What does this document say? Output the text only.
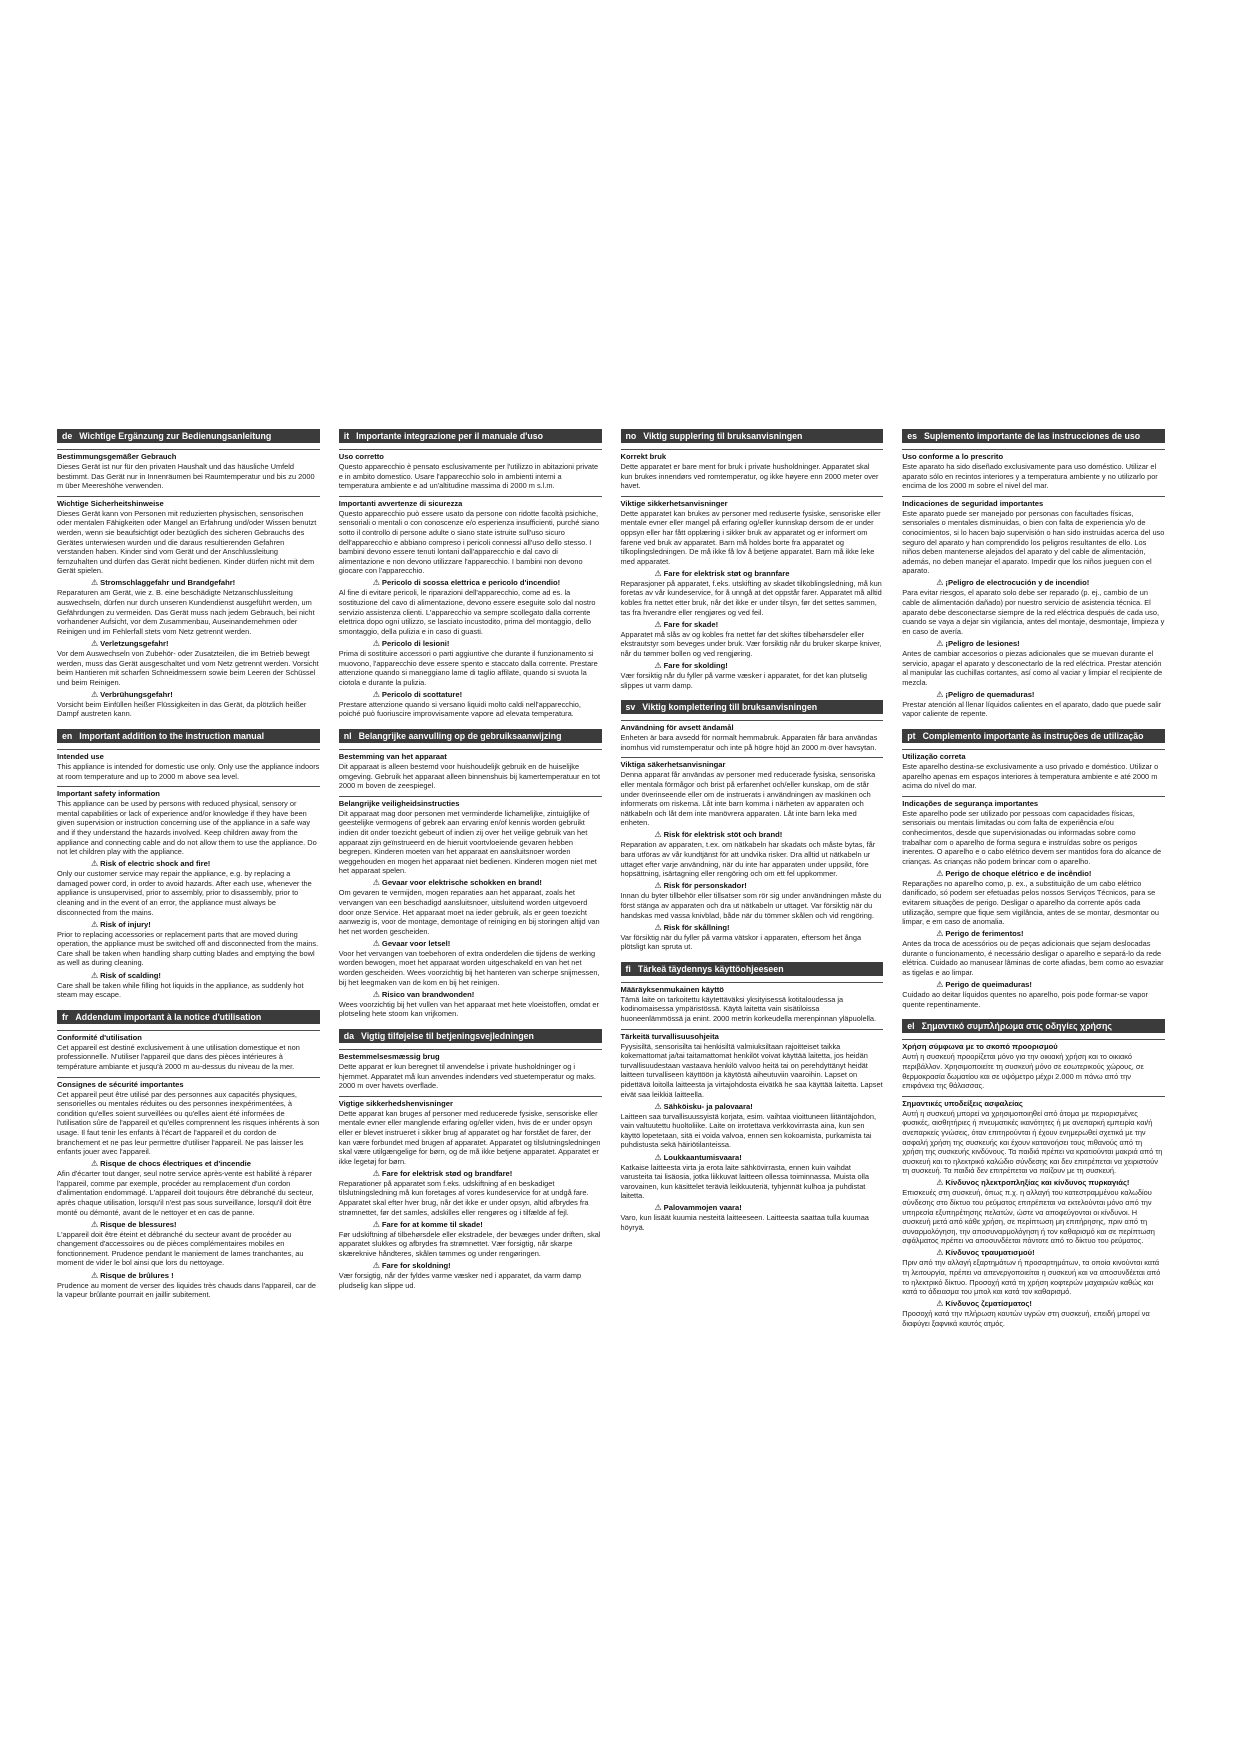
de Wichtige Ergänzung zur Bedienungsanleitung
Bestimmungsgemäßer Gebrauch
Dieses Gerät ist nur für den privaten Haushalt und das häusliche Umfeld bestimmt. Das Gerät nur in Innenräumen bei Raumtemperatur und bis zu 2000 m über Meereshöhe verwenden.
Wichtige Sicherheitshinweise
Dieses Gerät kann von Personen mit reduzierten physischen, sensorischen oder mentalen Fähigkeiten oder Mangel an Erfahrung und/oder Wissen benutzt werden, wenn sie beaufsichtigt oder bezüglich des sicheren Gebrauchs des Gerätes unterwiesen wurden und die daraus resultierenden Gefahren verstanden haben. Kinder sind vom Gerät und der Anschlussleitung fernzuhalten und dürfen das Gerät nicht bedienen. Kinder dürfen nicht mit dem Gerät spielen.
⚠ Stromschlaggefahr und Brandgefahr!
Reparaturen am Gerät, wie z. B. eine beschädigte Netzanschlussleitung auswechseln, dürfen nur durch unseren Kundendienst ausgeführt werden, um Gefährdungen zu vermeiden. Das Gerät muss nach jedem Gebrauch, bei nicht vorhandener Aufsicht, vor dem Zusammenbau, Auseinandernehmen oder Reinigen und im Fehlerfall stets vom Netz getrennt werden.
⚠ Verletzungsgefahr!
Vor dem Auswechseln von Zubehör- oder Zusatzteilen, die im Betrieb bewegt werden, muss das Gerät ausgeschaltet und vom Netz getrennt werden. Vorsicht beim Hantieren mit scharfen Schneidmessern sowie beim Leeren der Schüssel und beim Reinigen.
⚠ Verbrühungsgefahr!
Vorsicht beim Einfüllen heißer Flüssigkeiten in das Gerät, da plötzlich heißer Dampf austreten kann.
en Important addition to the instruction manual
Intended use
This appliance is intended for domestic use only. Only use the appliance indoors at room temperature and up to 2000 m above sea level.
Important safety information
This appliance can be used by persons with reduced physical, sensory or mental capabilities or lack of experience and/or knowledge if they have been given supervision or instruction concerning use of the appliance in a safe way and if they understand the hazards involved. Keep children away from the appliance and connecting cable and do not allow them to use the appliance. Do not let children play with the appliance.
⚠ Risk of electric shock and fire!
Only our customer service may repair the appliance, e.g. by replacing a damaged power cord, in order to avoid hazards. After each use, whenever the appliance is unsupervised, prior to assembly, prior to disassembly, prior to cleaning and in the event of an error, the appliance must always be disconnected from the mains.
⚠ Risk of injury!
Prior to replacing accessories or replacement parts that are moved during operation, the appliance must be switched off and disconnected from the mains. Care shall be taken when handling sharp cutting blades and emptying the bowl as well as during cleaning.
⚠ Risk of scalding!
Care shall be taken while filling hot liquids in the appliance, as suddenly hot steam may escape.
fr Addendum important à la notice d'utilisation
Conformité d'utilisation
Cet appareil est destiné exclusivement à une utilisation domestique et non professionnelle. N'utiliser l'appareil que dans des pièces intérieures à température ambiante et jusqu'à 2000 m au-dessus du niveau de la mer.
Consignes de sécurité importantes
Cet appareil peut être utilisé par des personnes aux capacités physiques, sensorielles ou mentales réduites ou des personnes inexpérimentées, à condition qu'elles soient surveillées ou qu'elles aient été informées de l'utilisation sûre de l'appareil et qu'elles comprennent les risques inhérents à son usage. Il faut tenir les enfants à l'écart de l'appareil et du cordon de branchement et ne pas leur permettre d'utiliser l'appareil. Ne pas laisser les enfants jouer avec l'appareil.
⚠ Risque de chocs électriques et d'incendie
Afin d'écarter tout danger, seul notre service après-vente est habilité à réparer l'appareil, comme par exemple, procéder au remplacement d'un cordon d'alimentation endommagé. L'appareil doit toujours être débranché du secteur, après chaque utilisation, lorsqu'il n'est pas sous surveillance, lorsqu'il doit être monté ou démonté, avant de le nettoyer et en cas de panne.
⚠ Risque de blessures!
L'appareil doit être éteint et débranché du secteur avant de procéder au changement d'accessoires ou de pièces complémentaires mobiles en fonctionnement. Prudence pendant le maniement de lames tranchantes, au moment de vider le bol ainsi que lors du nettoyage.
⚠ Risque de brûlures !
Prudence au moment de verser des liquides très chauds dans l'appareil, car de la vapeur brûlante pourrait en jaillir subitement.
it Importante integrazione per il manuale d'uso
Uso corretto
Questo apparecchio è pensato esclusivamente per l'utilizzo in abitazioni private e in ambito domestico. Usare l'apparecchio solo in ambienti interni a temperatura ambiente e ad un'altitudine massima di 2000 m s.l.m.
Importanti avvertenze di sicurezza
Questo apparecchio può essere usato da persone con ridotte facoltà psichiche, sensoriali o mentali o con conoscenze e/o esperienza insufficienti, purché siano sotto il controllo di persone adulte o siano state istruite sull'uso sicuro dell'apparecchio e abbiano compreso i pericoli connessi all'uso dello stesso. I bambini devono essere tenuti lontani dall'apparecchio e dal cavo di alimentazione e non devono utilizzare l'apparecchio. I bambini non devono giocare con l'apparecchio.
⚠ Pericolo di scossa elettrica e pericolo d'incendio!
Al fine di evitare pericoli, le riparazioni dell'apparecchio, come ad es. la sostituzione del cavo di alimentazione, devono essere eseguite solo dal nostro servizio assistenza clienti. L'apparecchio va sempre scollegato dalla corrente elettrica dopo ogni utilizzo, se lasciato incustodito, prima del montaggio, dello smontaggio, della pulizia e in caso di guasti.
⚠ Pericolo di lesioni!
Prima di sostituire accessori o parti aggiuntive che durante il funzionamento si muovono, l'apparecchio deve essere spento e staccato dalla corrente. Prestare attenzione quando si maneggiano lame di taglio affilate, quando si svuota la ciotola e durante la pulizia.
⚠ Pericolo di scottature!
Prestare attenzione quando si versano liquidi molto caldi nell'apparecchio, poiché può fuoriuscire improvvisamente vapore ad elevata temperatura.
nl Belangrijke aanvulling op de gebruiksaanwijzing
Bestemming van het apparaat
Dit apparaat is alleen bestemd voor huishoudelijk gebruik en de huiselijke omgeving. Gebruik het apparaat alleen binnenshuis bij kamertemperatuur en tot 2000 m boven de zeespiegel.
Belangrijke veiligheidsinstructies
Dit apparaat mag door personen met verminderde lichamelijke, zintuiglijke of geestelijke vermogens of gebrek aan ervaring en/of kennis worden gebruikt indien dit onder toezicht gebeurt of indien zij over het veilige gebruik van het apparaat zijn geïnstrueerd en de hieruit voortvloeiende gevaren hebben begrepen. Kinderen moeten van het apparaat en aansluitsnoer worden weggehouden en mogen het apparaat niet bedienen. Kinderen mogen niet met het apparaat spelen.
⚠ Gevaar voor elektrische schokken en brand!
Om gevaren te vermijden, mogen reparaties aan het apparaat, zoals het vervangen van een beschadigd aansluitsnoer, uitsluitend worden uitgevoerd door onze Service. Het apparaat moet na ieder gebruik, als er geen toezicht aanwezig is, voor de montage, demontage of reiniging en bij storingen altijd van het net worden gescheiden.
⚠ Gevaar voor letsel!
Voor het vervangen van toebehoren of extra onderdelen die tijdens de werking worden bewogen, moet het apparaat worden uitgeschakeld en van het net worden gescheiden. Wees voorzichtig bij het hanteren van scherpe snijmessen, bij het leegmaken van de kom en bij het reinigen.
⚠ Risico van brandwonden!
Wees voorzichtig bij het vullen van het apparaat met hete vloeistoffen, omdat er plotseling hete stoom kan vrijkomen.
da Vigtig tilføjelse til betjeningsvejledningen
Bestemmelsesmæssig brug
Dette apparat er kun beregnet til anvendelse i private husholdninger og i hjemmet. Apparatet må kun anvendes indendørs ved stuetemperatur og maks. 2000 m over havets overflade.
Vigtige sikkerhedshenvisninger
Dette apparat kan bruges af personer med reducerede fysiske, sensoriske eller mentale evner eller manglende erfaring og/eller viden, hvis de er under opsyn eller er blevet instrueret i sikker brug af apparatet og har forstået de farer, der kan være forbundet med brugen af apparatet. Apparatet og tilslutningsledningen skal være utilgængelige for børn, og de må ikke betjene apparatet. Apparatet er ikke legetøj for børn.
⚠ Fare for elektrisk stød og brandfare!
Reparationer på apparatet som f.eks. udskiftning af en beskadiget tilslutningsledning må kun foretages af vores kundeservice for at undgå fare. Apparatet skal efter hver brug, når det ikke er under opsyn, altid afbrydes fra strømnettet, før det samles, adskilles eller rengøres og i tilfælde af fejl.
⚠ Fare for at komme til skade!
Før udskiftning af tilbehørsdele eller ekstradele, der bevæges under driften, skal apparatet slukkes og afbrydes fra strømnettet. Vær forsigtig, når skarpe skæreknive håndteres, skålen tømmes og under rengøringen.
⚠ Fare for skoldning!
Vær forsigtig, når der fyldes varme væsker ned i apparatet, da varm damp pludselig kan slippe ud.
no Viktig supplering til bruksanvisningen
Korrekt bruk
Dette apparatet er bare ment for bruk i private husholdninger. Apparatet skal kun brukes innendørs ved romtemperatur, og ikke høyere enn 2000 meter over havet.
Viktige sikkerhetsanvisninger
Dette apparatet kan brukes av personer med reduserte fysiske, sensoriske eller mentale evner eller mangel på erfaring og/eller kunnskap dersom de er under oppsyn eller har fått opplæring i sikker bruk av apparatet og er informert om farene ved bruk av apparatet. Barn må holdes borte fra apparatet og tilkoplingsledningen. De må ikke få lov å betjene apparatet. Barn må ikke leke med apparatet.
⚠ Fare for elektrisk støt og brannfare
Reparasjoner på apparatet, f.eks. utskifting av skadet tilkoblingsledning, må kun foretas av vår kundeservice, for å unngå at det oppstår farer. Apparatet må alltid kobles fra nettet etter bruk, når det ikke er under tilsyn, før det settes sammen, tas fra hverandre eller rengjøres og ved feil.
⚠ Fare for skade!
Apparatet må slås av og kobles fra nettet før det skiftes tilbehørsdeler eller ekstrautstyr som beveges under bruk. Vær forsiktig når du bruker skarpe kniver, når du tømmer bollen og ved rengjøring.
⚠ Fare for skolding!
Vær forsiktig når du fyller på varme væsker i apparatet, for det kan plutselig slippes ut varm damp.
sv Viktig komplettering till bruksanvisningen
Användning för avsett ändamål
Enheten är bara avsedd för normalt hemmabruk. Apparaten får bara användas inomhus vid rumstemperatur och inte på högre höjd än 2000 m över havsytan.
Viktiga säkerhetsanvisningar
Denna apparat får användas av personer med reducerade fysiska, sensoriska eller mentala förmågor och brist på erfarenhet och/eller kunskap, om de står under överinseende eller om de instruerats i användningen av maskinen och informerats om riskerna. Låt inte barn komma i närheten av apparaten och nätkabeln och låt dem inte manövrera apparaten. Låt inte barn leka med enheten.
⚠ Risk för elektrisk stöt och brand!
Reparation av apparaten, t.ex. om nätkabeln har skadats och måste bytas, får bara utföras av vår kundtjänst för att undvika risker. Dra alltid ut nätkabeln ur uttaget efter varje användning, när du inte har apparaten under uppsikt, före hopsättning, isärtagning eller rengöring och om ett fel uppkommer.
⚠ Risk för personskador!
Innan du byter tillbehör eller tillsatser som rör sig under användningen måste du först stänga av apparaten och dra ut nätkabeln ur uttaget. Var försiktig när du handskas med vassa knivblad, både när du tömmer skålen och vid rengöring.
⚠ Risk för skållning!
Var försiktig när du fyller på varma vätskor i apparaten, eftersom het ånga plötsligt kan spruta ut.
fi Tärkeä täydennys käyttöohjeeseen
Määräyksenmukainen käyttö
Tämä laite on tarkoitettu käytettäväksi yksityisessä kotitaloudessa ja kodinomaisessa ympäristössä. Käytä laitetta vain sisätiloissa huoneenlämmössä ja enint. 2000 metrin korkeudella merenpinnan yläpuolella.
Tärkeitä turvallisuusohjeita
Fyysisiltä, sensorisilta tai henkisiltä valmiuksiltaan rajoitteiset taikka kokemattomat ja/tai taitamattomat henkilöt voivat käyttää laitetta, jos heidän turvallisuudestaan vastaava henkilö valvoo heitä tai on perehdyttänyt heidät laitteen turvalliseen käyttöön ja käytöstä aiheutuviin vaaroihin. Lapset on pidettävä loitolla laitteesta ja virtajohdosta eivätkä he saa käyttää laitetta. Lapset eivät saa leikkiä laitteella.
⚠ Sähköisku- ja palovaara!
Laitteen saa turvallisuussyistä korjata, esim. vaihtaa vioittuneen liitäntäjohdon, vain valtuutettu huoltoliike. Laite on irrotettava verkkovirrasta aina, kun sen käyttö lopetetaan, sitä ei voida valvoa, ennen sen kokoamista, purkamista tai puhdistusta sekä häiriötilanteissa.
⚠ Loukkaantumisvaara!
Katkaise laitteesta virta ja erota laite sähkövirrasta, ennen kuin vaihdat varusteita tai lisäosia, jotka liikkuvat laitteen ollessa toiminnassa. Muista olla varovainen, kun käsittelet teräviä leikkuuteriä, tyhjennät kulhoa ja puhdistat laitetta.
⚠ Palovammojen vaara!
Varo, kun lisäät kuumia nesteitä laitteeseen. Laitteesta saattaa tulla kuumaa höyryä.
es Suplemento importante de las instrucciones de uso
Uso conforme a lo prescrito
Este aparato ha sido diseñado exclusivamente para uso doméstico. Utilizar el aparato sólo en recintos interiores y a temperatura ambiente y no utilizarlo por encima de los 2000 m sobre el nivel del mar.
Indicaciones de seguridad importantes
Este aparato puede ser manejado por personas con facultades físicas, sensoriales o mentales disminuidas, o bien con falta de experiencia y/o de conocimientos, si lo hacen bajo supervisión o han sido instruidas acerca del uso seguro del aparato y han comprendido los peligros resultantes de ello. Los niños deben mantenerse alejados del aparato y del cable de alimentación, además, no deben manejar el aparato. Impedir que los niños jueguen con el aparato.
⚠ ¡Peligro de electrocución y de incendio!
Para evitar riesgos, el aparato solo debe ser reparado (p. ej., cambio de un cable de alimentación dañado) por nuestro servicio de asistencia técnica. El aparato debe desconectarse siempre de la red eléctrica después de cada uso, cuando se vaya a dejar sin vigilancia, antes del montaje, desmontaje, limpieza y en caso de avería.
⚠ ¡Peligro de lesiones!
Antes de cambiar accesorios o piezas adicionales que se muevan durante el servicio, apagar el aparato y desconectarlo de la red eléctrica. Prestar atención al manipular las cuchillas cortantes, así como al vaciar y limpiar el recipiente de mezcla.
⚠ ¡Peligro de quemaduras!
Prestar atención al llenar líquidos calientes en el aparato, dado que puede salir vapor caliente de repente.
pt Complemento importante às instruções de utilização
Utilização correta
Este aparelho destina-se exclusivamente a uso privado e doméstico. Utilizar o aparelho apenas em espaços interiores à temperatura ambiente e até 2000 m acima do nível do mar.
Indicações de segurança importantes
Este aparelho pode ser utilizado por pessoas com capacidades físicas, sensoriais ou mentais limitadas ou com falta de experiência e/ou conhecimentos, desde que supervisionadas ou informadas sobre como trabalhar com o aparelho de forma segura e instruídas sobre os perigos inerentes. O aparelho e o cabo elétrico devem ser mantidos fora do alcance de crianças. As crianças não podem brincar com o aparelho.
⚠ Perigo de choque elétrico e de incêndio!
Reparações no aparelho como, p. ex., a substituição de um cabo elétrico danificado, só podem ser efetuadas pelos nossos Serviços Técnicos, para se evitarem situações de perigo. Desligar o aparelho da corrente após cada utilização, sempre que fique sem vigilância, antes de se montar, desmontar ou limpar, e em caso de anomalia.
⚠ Perigo de ferimentos!
Antes da troca de acessórios ou de peças adicionais que sejam deslocadas durante o funcionamento, é necessário desligar o aparelho e separá-lo da rede elétrica. Cuidado ao manusear lâminas de corte afiadas, bem como ao esvaziar as tigelas e ao limpar.
⚠ Perigo de queimaduras!
Cuidado ao deitar líquidos quentes no aparelho, pois pode formar-se vapor quente repentinamente.
el Σημαντικό συμπλήρωμα στις οδηγίες χρήσης
Χρήση σύμφωνα με το σκοπό προορισμού
Αυτή η συσκευή προορίζεται μόνο για την οικιακή χρήση και το οικιακό περιβάλλον. Χρησιμοποιείτε τη συσκευή μόνο σε εσωτερικούς χώρους, σε θερμοκρασία δωματίου και σε υψόμετρο μέχρι 2.000 m πάνω από την επιφάνεια της θάλασσας.
Σημαντικές υποδείξεις ασφαλείας
Αυτή η συσκευή μπορεί να χρησιμοποιηθεί από άτομα με περιορισμένες φυσικές, αισθητήριες ή πνευματικές ικανότητες ή με ανεπαρκή εμπειρία και/ή ανεπαρκείς γνώσεις, όταν επιτηρούνται ή έχουν ενημερωθεί σχετικά με την ασφαλή χρήση της συσκευής και έχουν κατανοήσει τους πιθανούς από τη χρήση της συσκευής κινδύνους. Τα παιδιά πρέπει να κρατιούνται μακριά από τη συσκευή και το ηλεκτρικό καλώδιο σύνδεσης και δεν επιτρέπεται να χειριστούν τη συσκευή. Τα παιδιά δεν επιτρέπεται να παίζουν με τη συσκευή.
⚠ Κίνδυνος ηλεκτροπληξίας και κίνδυνος πυρκαγιάς!
Επισκευές στη συσκευή, όπως π.χ. η αλλαγή του κατεστραμμένου καλωδίου σύνδεσης στο δίκτυο του ρεύματος επιτρέπεται να εκτελούνται μόνο από την υπηρεσία εξυπηρέτησης πελατών, ώστε να αποφεύγονται οι κίνδυνοι. Η συσκευή μετά από κάθε χρήση, σε περίπτωση μη επιτήρησης, πριν από τη συναρμολόγηση, την αποσυναρμολόγηση ή τον καθαρισμό και σε περίπτωση σφάλματος πρέπει να αποσυνδέεται πάντοτε από το δίκτυο του ρεύματος.
⚠ Κίνδυνος τραυματισμού!
Πριν από την αλλαγή εξαρτημάτων ή προσαρτημάτων, τα οποία κινούνται κατά τη λειτουργία, πρέπει να απενεργοποιείται η συσκευή και να αποσυνδέεται από το ηλεκτρικό δίκτυο. Προσοχή κατά τη χρήση κοφτερών μαχαιριών καθώς και κατά το άδειασμα του μπολ και κατά τον καθαρισμό.
⚠ Κίνδυνος ζεματίσματος!
Προσοχή κατά την πλήρωση καυτών υγρών στη συσκευή, επειδή μπορεί να διαφύγει ξαφνικά καυτός ατμός.
